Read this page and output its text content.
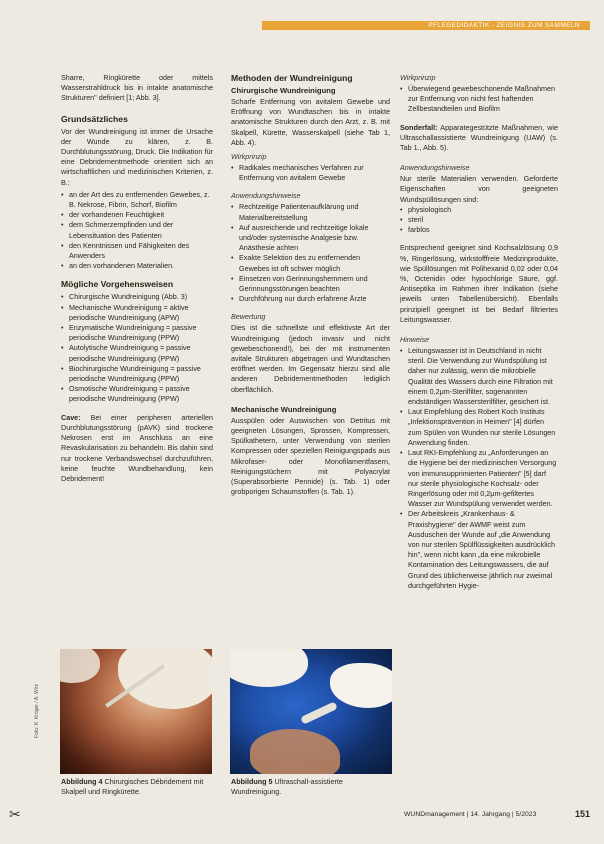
PFLEGEDIDAKTIK · ZEIGNIS ZUM SAMMELN

Sharre, Ringkürette oder mittels Wasserstrahldruck bis in intakte anatomische Strukturen" definiert [1; Abb. 3].

Grundsätzliches

Vor der Wundreinigung ist immer die Ursache der Wunde zu klären, z. B. Durchblutungsstörung, Druck. Die Indikation für eine Debridementmethode orientiert sich an wirtschaftlichen und medizinischen Kriterien, z. B.:

• an der Art des zu entfernenden Gewebes, z. B. Nekrose, Fibrin, Schorf, Biofilm
• der vorhandenen Feuchtigkeit
• dem Schmerzempfinden und der Lebensituation des Patienten
• den Kenntnissen und Fähigkeiten des Anwenders
• an den vorhandenen Materialien.
Mögliche Vorgehensweisen
• Chirurgische Wundreinigung (Abb. 3)
• Mechanische Wundreinigung = aktive periodische Wundreinigung (APW)
• Enzymatische Wundreinigung = passive periodische Wundreinigung (PPW)
• Autolytische Wundreinigung = passive periodische Wundreinigung (PPW)
• Biochirurgische Wundreinigung = passive periodische Wundreinigung (PPW)
• Osmotische Wundreinigung = passive periodische Wundreinigung (PPW)

Cave: Bei einer peripheren arteriellen Durchblutungsstörung (pAVK) sind trockene Nekrosen erst im Anschluss an eine Revaskularisation zu behandeln. Bis dahin sind nur trockene Verbandswechsel durchzuführen, keine feuchte Wundbehandlung, kein Debridement!

Methoden der Wundreinigung
Chirurgische Wundreinigung

Scharfe Entfernung von avitalem Gewebe und Eröffnung von Wundtaschen bis in intakte anatomische Strukturen durch den Arzt, z. B. mit Skalpell, Kürette, Wasserskalpell (siehe Tab 1, Abb. 4).

Wirkprinzip
• Radikales mechanisches Verfahren zur Entfernung von avitalem Gewebe
Anwendungshinweise
• Rechtzeitige Patientenaufklärung und Materialbereitstellung
• Auf ausreichende und rechtzeitige lokale und/oder systemische Analgesie bzw. Anästhesie achten
• Exakte Selektion des zu entfernenden Gewebes ist oft schwer möglich
• Einsetzen von Gerinnungshemmern und Gerinnungsstörungen beachten
• Durchführung nur durch erfahrene Ärzte
Bewertung

Dies ist die schnellste und effektivste Art der Wundreinigung (jedoch invasiv und nicht gewebeschonend!), bei der mit instrumenten avitale Strukturen abgetragen und Wundtaschen eröffnet werden. Im Gegensatz hierzu sind alle anderen Debridementmethoden lediglich oberflächlich.

Mechanische Wundreinigung

Ausspülen oder Auswischen von Detritus mit geeigneten Lösungen, Sprossen, Kompressen, Spülkathetern, unter Verwendung von sterilen Kompressen oder speziellen Reinigungspads aus Mikrofaser- oder Monofilamentfasern, Reinigungstüchern mit Polyacrylat (Superabsorbierte Pennide) (s. Tab. 1) oder grobporigen Schaumstoffen (s. Tab. 1).

Wirkprinzip
• Überwiegend gewebeschonende Maßnahmen zur Entfernung von nicht fest haftenden Zellbestandteilen und Biofilm

Sonderfall: Apparategestützte Maßnahmen, wie Ultraschallassistierte Wundreinigung (UAW) (s. Tab 1., Abb. 5).

Anwendungshinweise

Nur sterile Materialien verwenden. Geforderte Eigenschaften von geeigneten Wundspüllösungen sind:

• physiologisch
• steril
• farblos

Entsprechend geeignet sind Kochsalzlösung 0,9 %, Ringerlösung, wirkstofffreie Medizinprodukte, wie Spüllösungen mit Polihexanid 0,02 oder 0,04 %, Octenidin oder hypochlorige Säure, ggf. Antiseptika im Rahmen ihrer Indikation (siehe jeweils unten Tabellenübersicht). Ebenfalls prinzipiell geeignet ist bei Bedarf filtriertes Leitungswasser.

Hinweise
• Leitungswasser ist in Deutschland in nicht steril. Die Verwendung zur Wundspülung ist daher nur zulässig, wenn die mikrobielle Qualität des Wassers durch eine Filtration mit einem 0,2μm-Sterilfilter, sogenannten endständigen Wassersterilfilter, gesichert ist.
• Laut Empfehlung des Robert Koch Instituts „Infektionsprävention in Heimen" [4] dürfen zum Spülen von Wunden nur sterile Lösungen Anwendung finden.
• Laut RKI-Empfehlung zu „Anforderungen an die Hygiene bei der medizinischen Versorgung von immunsupprimierten Patienten" [5] darf nur sterile physiologische Kochsalz- oder Ringerlösung oder mit 0,2μm-gefiltertes Wasser zur Wundspülung verwendet werden.
• Der Arbeitskreis „Krankenhaus- & Praxishygiene" der AWMF weist zum Ausduschen der Wunde auf „die Anwendung von nur sterilen Spülflüssigkeiten ausdrücklich hin", wenn nicht kann „da eine mikrobielle Kontamination des Leitungswassers, die auf Grund des üblicherweise jährlich nur zweimal durchgeführten Hygie-
Foto: K. Kröger / A. Wirz
Abbildung 4 Chirurgisches Débridement mit Skalpell und Ringkürette.
Abbildung 5 Ultraschall-assistierte Wundreinigung.
✂	WUNDmanagement | 14. Jahrgang | 5/2023	151
